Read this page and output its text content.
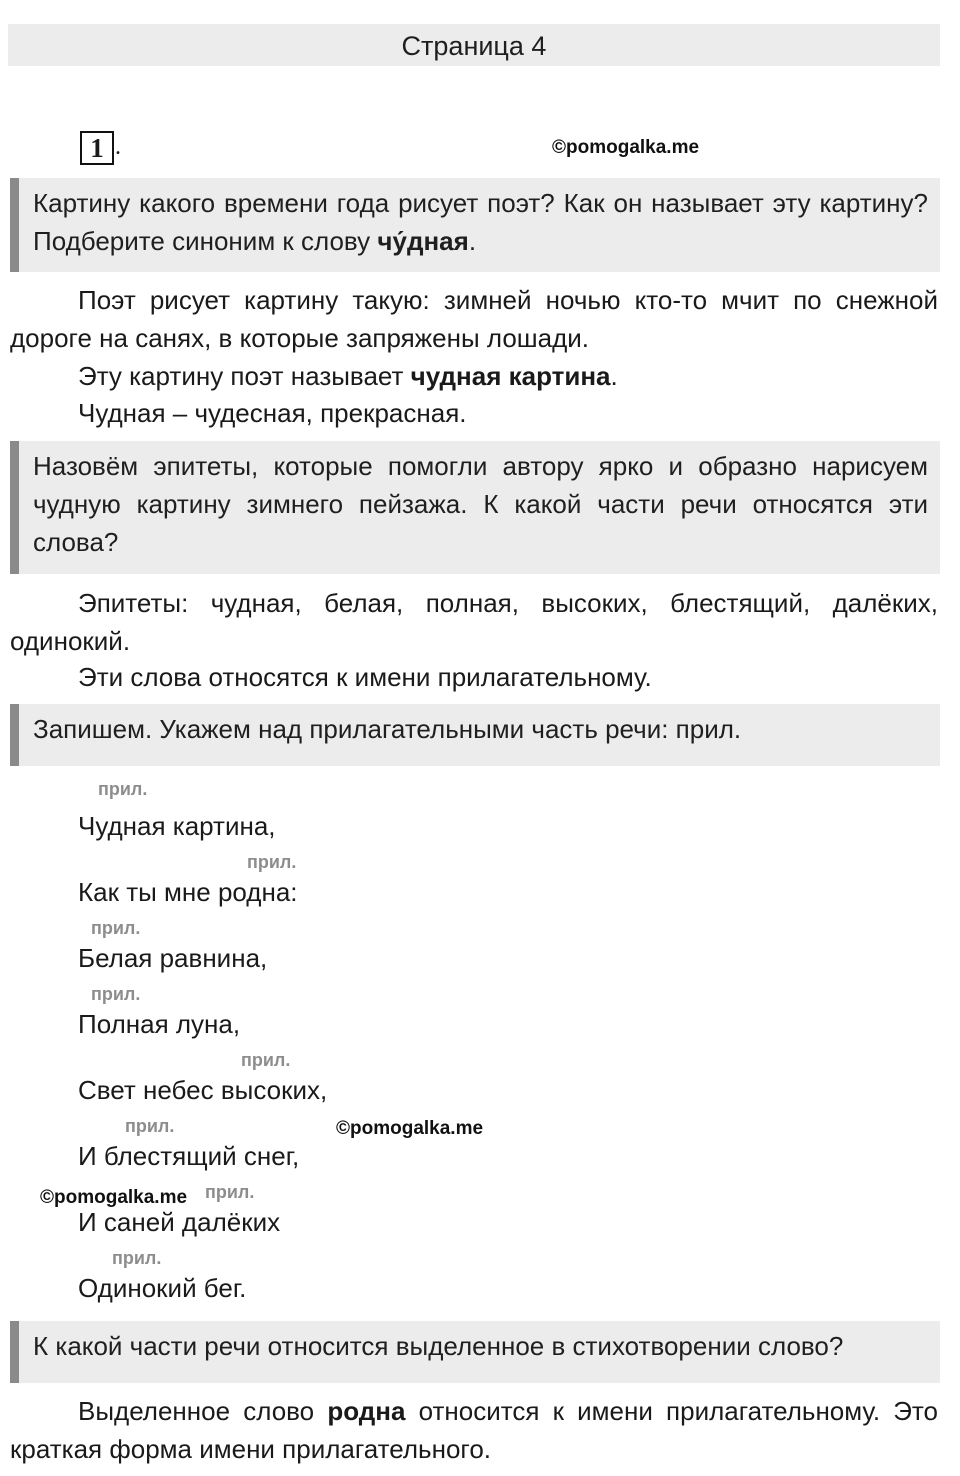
Страница 4
1 .	©pomogalka.me
Картину какого времени года рисует поэт? Как он называет эту картину? Подберите синоним к слову чу́дная.
Поэт рисует картину такую: зимней ночью кто-то мчит по снежной дороге на санях, в которые запряжены лошади.
Эту картину поэт называет чудная картина.
Чудная – чудесная, прекрасная.
Назовём эпитеты, которые помогли автору ярко и образно нарисуем чудную картину зимнего пейзажа. К какой части речи относятся эти слова?
Эпитеты: чудная, белая, полная, высоких, блестящий, далёких, одинокий.
Эти слова относятся к имени прилагательному.
Запишем. Укажем над прилагательными часть речи: прил.
прил.
Чудная картина,
прил.
Как ты мне родна:
прил.
Белая равнина,
прил.
Полная луна,
прил.
Свет небес высоких,
прил.	©pomogalka.me
И блестящий снег,
©pomogalka.me прил.
И саней далёких
прил.
Одинокий бег.
К какой части речи относится выделенное в стихотворении слово?
Выделенное слово родна относится к имени прилагательному. Это краткая форма имени прилагательного.
